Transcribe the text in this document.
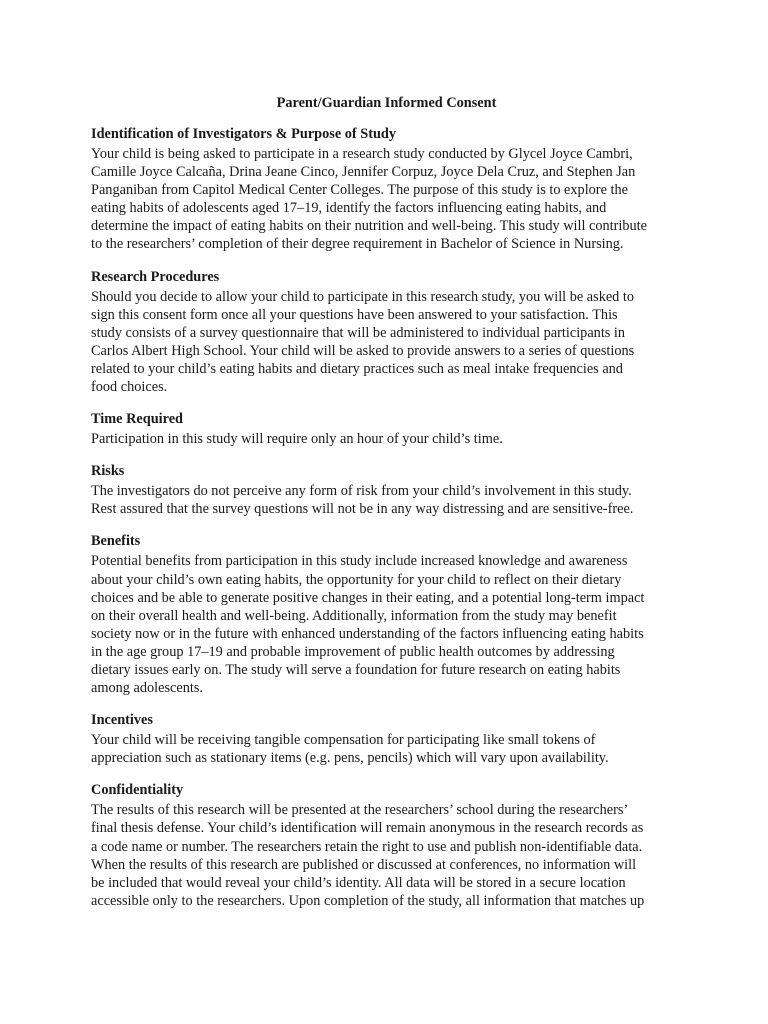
Parent/Guardian Informed Consent
Identification of Investigators & Purpose of Study
Your child is being asked to participate in a research study conducted by Glycel Joyce Cambri,
Camille Joyce Calcaña, Drina Jeane Cinco, Jennifer Corpuz, Joyce Dela Cruz, and Stephen Jan
Panganiban from Capitol Medical Center Colleges. The purpose of this study is to explore the
eating habits of adolescents aged 17–19, identify the factors influencing eating habits, and
determine the impact of eating habits on their nutrition and well-being. This study will contribute
to the researchers’ completion of their degree requirement in Bachelor of Science in Nursing.
Research Procedures
Should you decide to allow your child to participate in this research study, you will be asked to
sign this consent form once all your questions have been answered to your satisfaction. This
study consists of a survey questionnaire that will be administered to individual participants in
Carlos Albert High School. Your child will be asked to provide answers to a series of questions
related to your child’s eating habits and dietary practices such as meal intake frequencies and
food choices.
Time Required
Participation in this study will require only an hour of your child’s time.
Risks
The investigators do not perceive any form of risk from your child’s involvement in this study.
Rest assured that the survey questions will not be in any way distressing and are sensitive-free.
Benefits
Potential benefits from participation in this study include increased knowledge and awareness
about your child’s own eating habits, the opportunity for your child to reflect on their dietary
choices and be able to generate positive changes in their eating, and a potential long-term impact
on their overall health and well-being. Additionally, information from the study may benefit
society now or in the future with enhanced understanding of the factors influencing eating habits
in the age group 17–19 and probable improvement of public health outcomes by addressing
dietary issues early on. The study will serve a foundation for future research on eating habits
among adolescents.
Incentives
Your child will be receiving tangible compensation for participating like small tokens of
appreciation such as stationary items (e.g. pens, pencils) which will vary upon availability.
Confidentiality
The results of this research will be presented at the researchers’ school during the researchers’
final thesis defense. Your child’s identification will remain anonymous in the research records as
a code name or number. The researchers retain the right to use and publish non-identifiable data.
When the results of this research are published or discussed at conferences, no information will
be included that would reveal your child’s identity. All data will be stored in a secure location
accessible only to the researchers. Upon completion of the study, all information that matches up
